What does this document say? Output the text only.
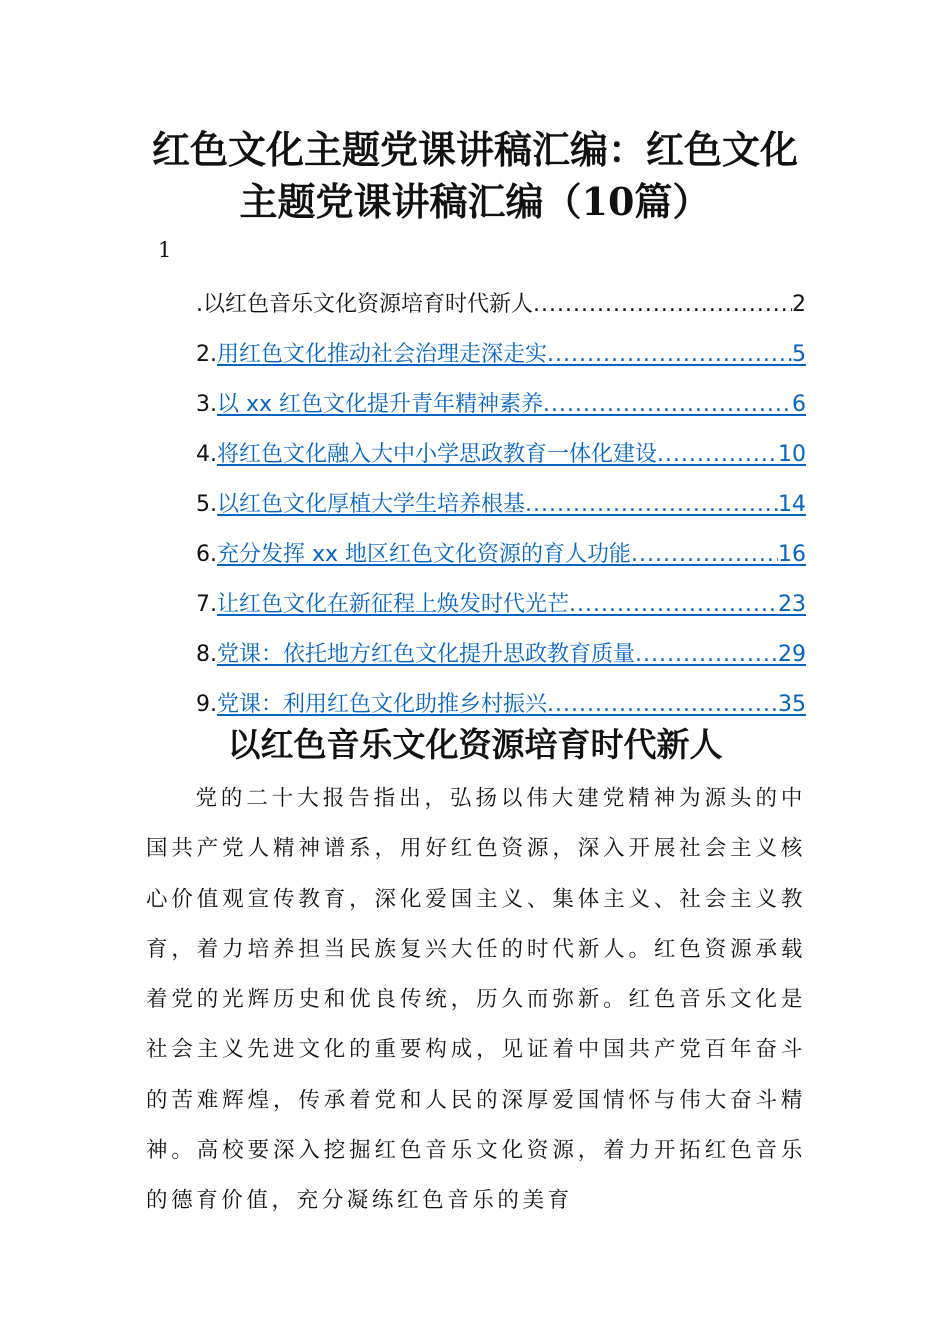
红色文化主题党课讲稿汇编：红色文化主题党课讲稿汇编（10篇）
1
. 以红色音乐文化资源培育时代新人 .....	2
2. 用红色文化推动社会治理走深走实 .....	5
3. 以 xx 红色文化提升青年精神素养 .....	6
4. 将红色文化融入大中小学思政教育一体化建设 .....	10
5. 以红色文化厚植大学生培养根基 .....	14
6. 充分发挥 xx 地区红色文化资源的育人功能 .....	16
7. 让红色文化在新征程上焕发时代光芒 .....	23
8. 党课：依托地方红色文化提升思政教育质量 .....	29
9. 党课：利用红色文化助推乡村振兴 .....	35
以红色音乐文化资源培育时代新人

党的二十大报告指出，弘扬以伟大建党精神为源头的中国共产党人精神谱系，用好红色资源，深入开展社会主义核心价值观宣传教育，深化爱国主义、集体主义、社会主义教育，着力培养担当民族复兴大任的时代新人。红色资源承载着党的光辉历史和优良传统，历久而弥新。红色音乐文化是社会主义先进文化的重要构成，见证着中国共产党百年奋斗的苦难辉煌，传承着党和人民的深厚爱国情怀与伟大奋斗精神。高校要深入挖掘红色音乐文化资源，着力开拓红色音乐的德育价值，充分凝练红色音乐的美育
